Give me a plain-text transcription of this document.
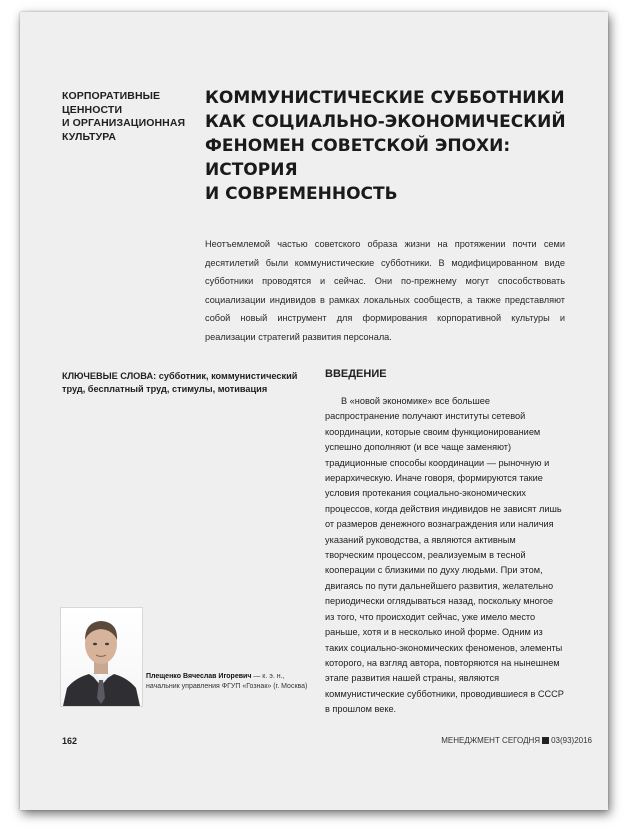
КОРПОРАТИВНЫЕ
ЦЕННОСТИ
И ОРГАНИЗАЦИОННАЯ
КУЛЬТУРА
КОММУНИСТИЧЕСКИЕ СУББОТНИКИ
КАК СОЦИАЛЬНО-ЭКОНОМИЧЕСКИЙ
ФЕНОМЕН СОВЕТСКОЙ ЭПОХИ: ИСТОРИЯ
И СОВРЕМЕННОСТЬ
Неотъемлемой частью советского образа жизни на протяжении почти семи десятилетий были коммунистические субботники. В модифицированном виде субботники проводятся и сейчас. Они по-прежнему могут способствовать социализации индивидов в рамках локальных сообществ, а также представляют собой новый инструмент для формирования корпоративной культуры и реализации стратегий развития персонала.
КЛЮЧЕВЫЕ СЛОВА: субботник, коммунистический труд, бесплатный труд, стимулы, мотивация
ВВЕДЕНИЕ
В «новой экономике» все большее распространение получают институты сетевой координации, которые своим функционированием успешно дополняют (и все чаще заменяют) традиционные способы координации — рыночную и иерархическую. Иначе говоря, формируются такие условия протекания социально-экономических процессов, когда действия индивидов не зависят лишь от размеров денежного вознаграждения или наличия указаний руководства, а являются активным творческим процессом, реализуемым в тесной кооперации с близкими по духу людьми. При этом, двигаясь по пути дальнейшего развития, желательно периодически оглядываться назад, поскольку многое из того, что происходит сейчас, уже имело место раньше, хотя и в несколько иной форме. Одним из таких социально-экономических феноменов, элементы которого, на взгляд автора, повторяются на нынешнем этапе развития нашей страны, являются коммунистические субботники, проводившиеся в СССР в прошлом веке.
Плещенко Вячеслав Игоревич — к. э. н., начальник управления ФГУП «Гознак» (г. Москва)
162	МЕНЕДЖМЕНТ СЕГОДНЯ 03(93)2016
